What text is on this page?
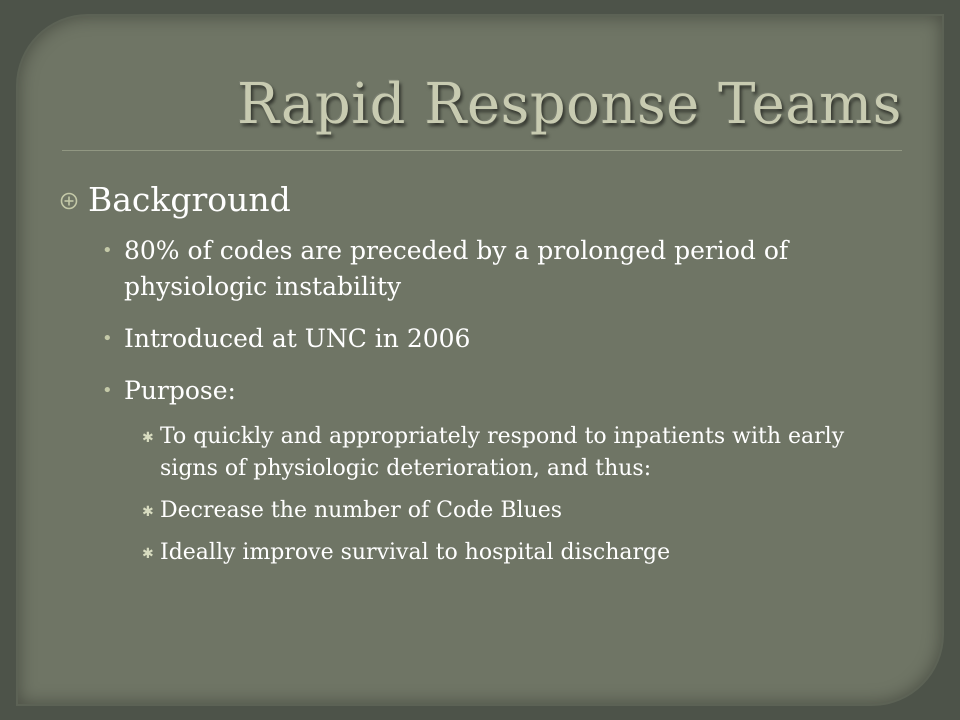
Rapid Response Teams
Background
• 80% of codes are preceded by a prolonged period of physiologic instability
• Introduced at UNC in 2006
• Purpose:
✱ To quickly and appropriately respond to inpatients with early signs of physiologic deterioration, and thus:
✱ Decrease the number of Code Blues
✱ Ideally improve survival to hospital discharge
